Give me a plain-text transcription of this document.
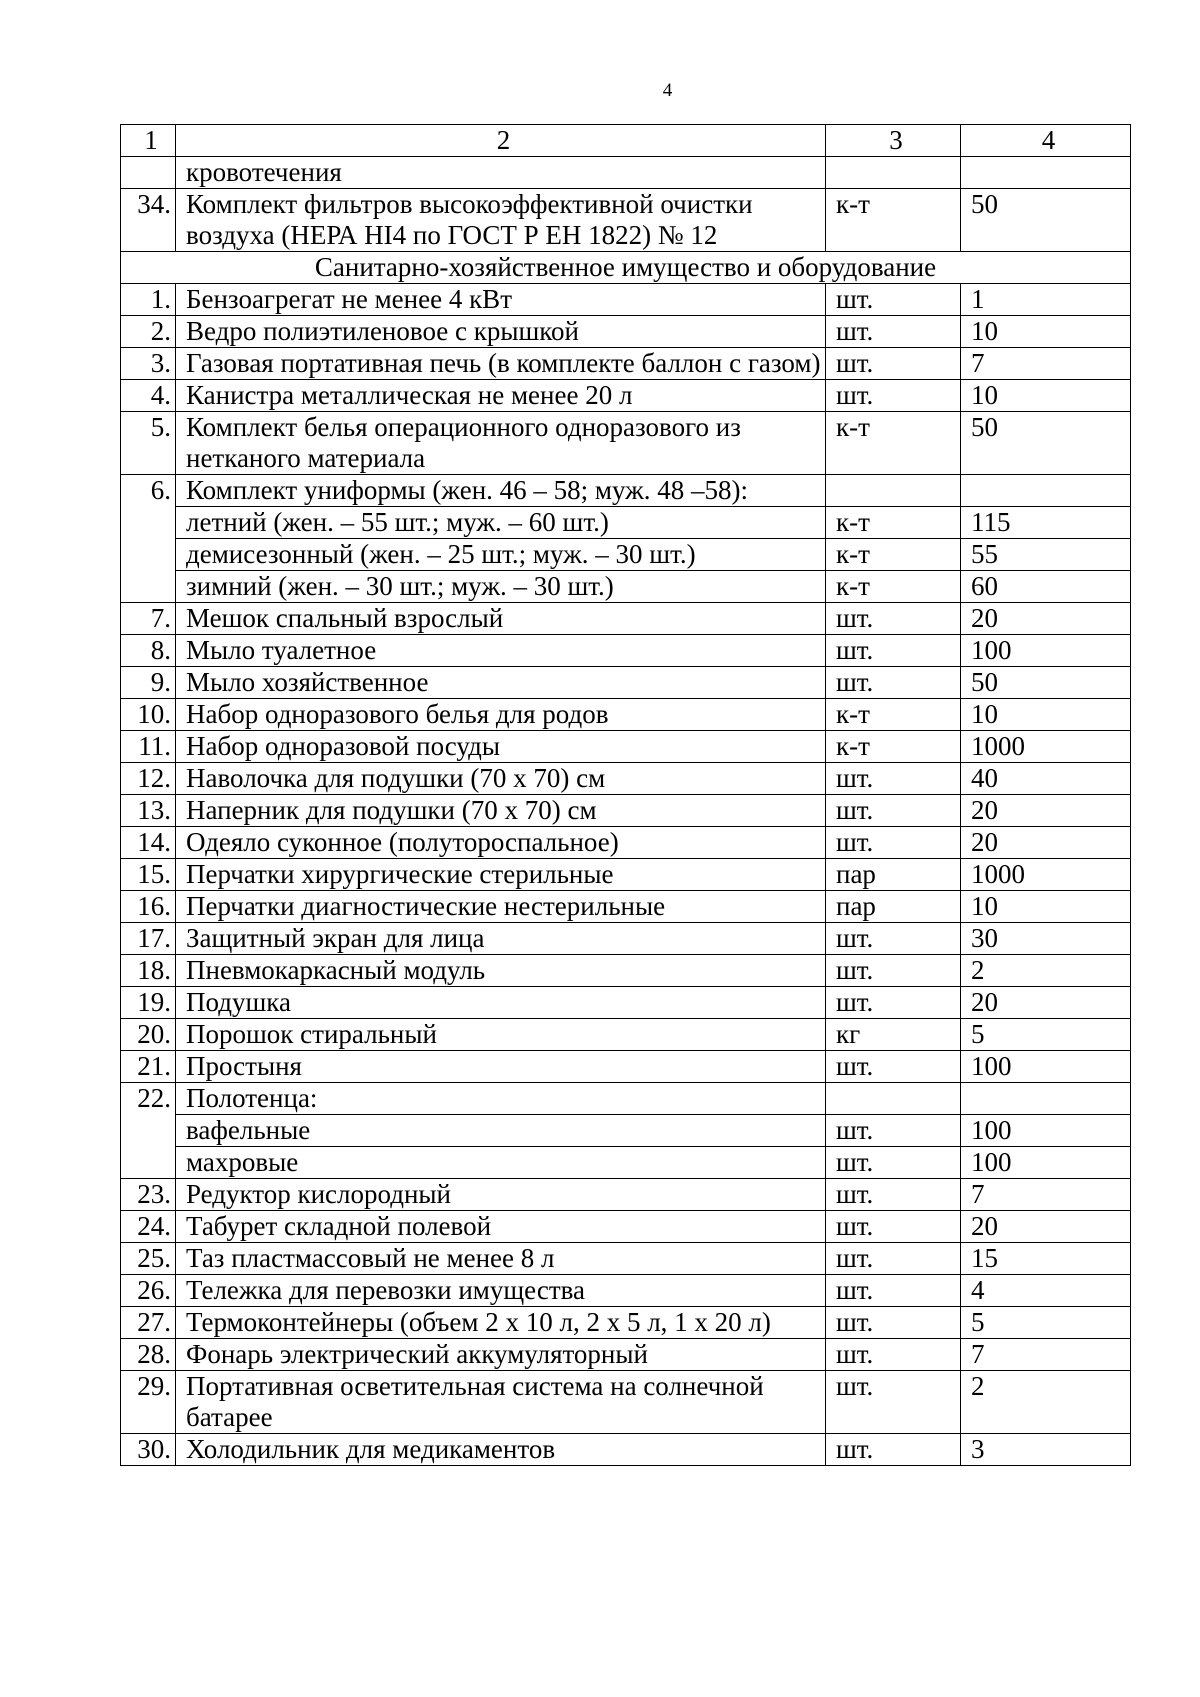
4
1	2	3	4
	кровотечения		
34.	Комплект фильтров высокоэффективной очистки воздуха (НЕРА НІ4 по ГОСТ Р ЕН 1822) № 12	к-т	50
Санитарно-хозяйственное имущество и оборудование			
1.	Бензоагрегат не менее 4 кВт	шт.	1
2.	Ведро полиэтиленовое с крышкой	шт.	10
3.	Газовая портативная печь (в комплекте баллон с газом)	шт.	7
4.	Канистра металлическая не менее 20 л	шт.	10
5.	Комплект белья операционного одноразового из нетканого материала	к-т	50
6.	Комплект униформы (жен. 46 – 58; муж. 48 –58):		
	летний (жен. – 55 шт.; муж. – 60 шт.)	к-т	115
	демисезонный (жен. – 25 шт.; муж. – 30 шт.)	к-т	55
	зимний (жен. – 30 шт.; муж. – 30 шт.)	к-т	60
7.	Мешок спальный взрослый	шт.	20
8.	Мыло туалетное	шт.	100
9.	Мыло хозяйственное	шт.	50
10.	Набор одноразового белья для родов	к-т	10
11.	Набор одноразовой посуды	к-т	1000
12.	Наволочка для подушки (70 х 70) см	шт.	40
13.	Наперник для подушки (70 х 70) см	шт.	20
14.	Одеяло суконное (полутороспальное)	шт.	20
15.	Перчатки хирургические стерильные	пар	1000
16.	Перчатки диагностические нестерильные	пар	10
17.	Защитный экран для лица	шт.	30
18.	Пневмокаркасный модуль	шт.	2
19.	Подушка	шт.	20
20.	Порошок стиральный	кг	5
21.	Простыня	шт.	100
22.	Полотенца:		
	вафельные	шт.	100
	махровые	шт.	100
23.	Редуктор кислородный	шт.	7
24.	Табурет складной полевой	шт.	20
25.	Таз пластмассовый не менее 8 л	шт.	15
26.	Тележка для перевозки имущества	шт.	4
27.	Термоконтейнеры (объем 2 х 10 л, 2 х 5 л, 1 х 20 л)	шт.	5
28.	Фонарь электрический аккумуляторный	шт.	7
29.	Портативная осветительная система на солнечной батарее	шт.	2
30.	Холодильник для медикаментов	шт.	3
